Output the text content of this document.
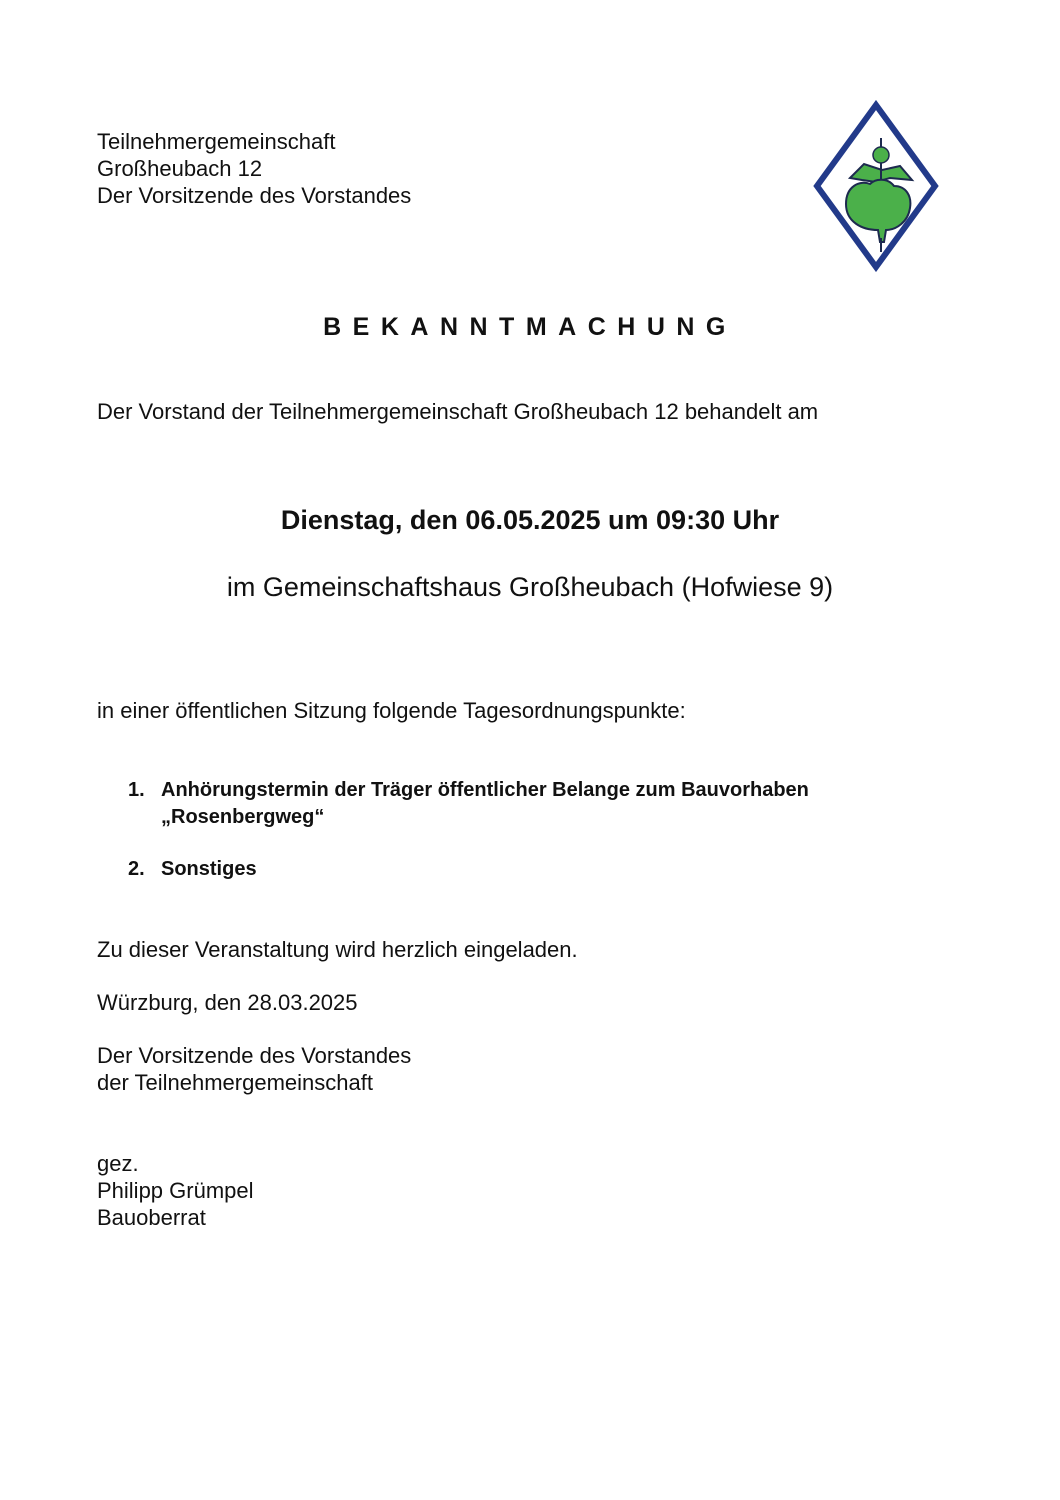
Teilnehmergemeinschaft
Großheubach 12
Der Vorsitzende des Vorstandes
BEKANNTMACHUNG
Der Vorstand der Teilnehmergemeinschaft Großheubach 12 behandelt am
Dienstag, den 06.05.2025 um 09:30 Uhr
im Gemeinschaftshaus Großheubach (Hofwiese 9)
in einer öffentlichen Sitzung folgende Tagesordnungspunkte:
1. Anhörungstermin der Träger öffentlicher Belange zum Bauvorhaben
„Rosenbergweg“
2. Sonstiges
Zu dieser Veranstaltung wird herzlich eingeladen.
Würzburg, den 28.03.2025
Der Vorsitzende des Vorstandes
der Teilnehmergemeinschaft
gez.
Philipp Grümpel
Bauoberrat
